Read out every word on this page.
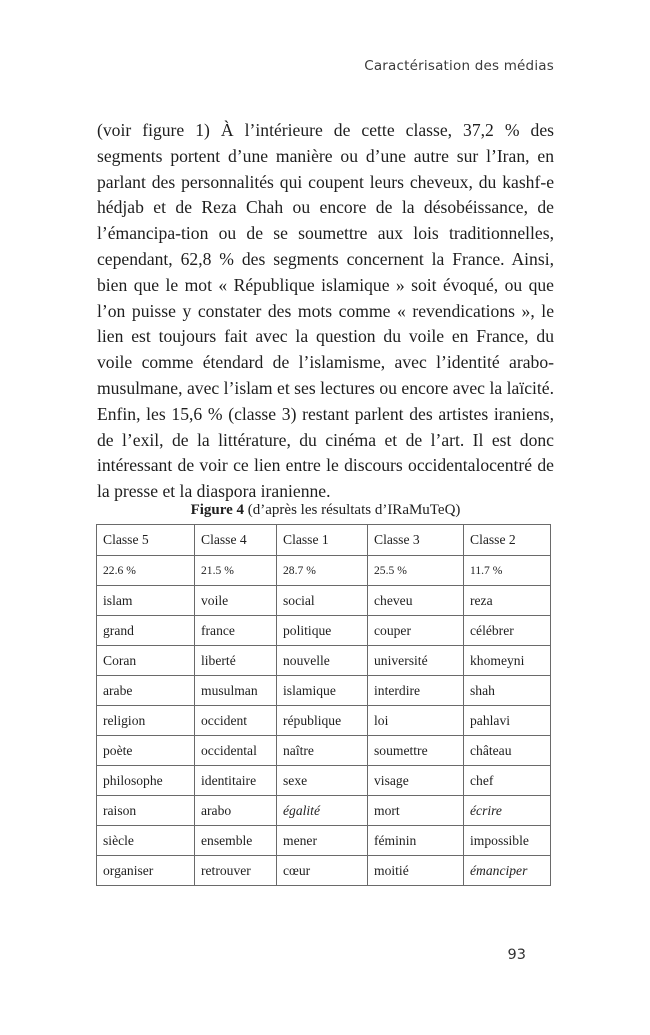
Caractérisation des médias

(voir figure 1) À l’intérieure de cette classe, 37,2 % des segments portent d’une manière ou d’une autre sur l’Iran, en parlant des personnalités qui coupent leurs cheveux, du kashf-e hédjab et de Reza Chah ou encore de la désobéissance, de l’émancipa-tion ou de se soumettre aux lois traditionnelles, cependant, 62,8 % des segments concernent la France. Ainsi, bien que le mot « République islamique » soit évoqué, ou que l’on puisse y constater des mots comme « revendications », le lien est toujours fait avec la question du voile en France, du voile comme étendard de l’islamisme, avec l’identité arabo-musulmane, avec l’islam et ses lectures ou encore avec la laïcité. Enfin, les 15,6 % (classe 3) restant parlent des artistes iraniens, de l’exil, de la littérature, du cinéma et de l’art. Il est donc intéressant de voir ce lien entre le discours occidentalocentré de la presse et la diaspora iranienne.

Figure 4 (d’après les résultats d’IRaMuTeQ)
Classe 5	Classe 4	Classe 1	Classe 3	Classe 2
22.6 %	21.5 %	28.7 %	25.5 %	11.7 %
islam	voile	social	cheveu	reza
grand	france	politique	couper	célébrer
Coran	liberté	nouvelle	université	khomeyni
arabe	musulman	islamique	interdire	shah
religion	occident	république	loi	pahlavi
poète	occidental	naître	soumettre	château
philosophe	identitaire	sexe	visage	chef
raison	arabo	égalité	mort	écrire
siècle	ensemble	mener	féminin	impossible
organiser	retrouver	cœur	moitié	émanciper
93
